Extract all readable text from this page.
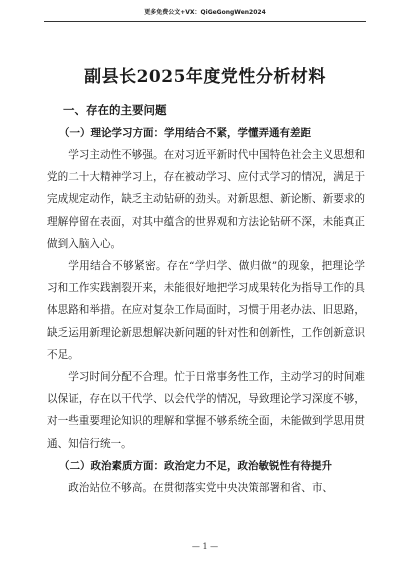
更多免费公文+VX：QiGeGongWen2024
副县长2025年度党性分析材料
一、存在的主要问题
（一）理论学习方面：学用结合不紧，学懂弄通有差距

学习主动性不够强。在对习近平新时代中国特色社会主义思想和党的二十大精神学习上，存在被动学习、应付式学习的情况，满足于完成规定动作，缺乏主动钻研的劲头。对新思想、新论断、新要求的理解停留在表面，对其中蕴含的世界观和方法论钻研不深，未能真正做到入脑入心。

学用结合不够紧密。存在“学归学、做归做”的现象，把理论学习和工作实践割裂开来，未能很好地把学习成果转化为指导工作的具体思路和举措。在应对复杂工作局面时，习惯于用老办法、旧思路，缺乏运用新理论新思想解决新问题的针对性和创新性，工作创新意识不足。

学习时间分配不合理。忙于日常事务性工作，主动学习的时间难以保证，存在以干代学、以会代学的情况，导致理论学习深度不够，对一些重要理论知识的理解和掌握不够系统全面，未能做到学思用贯通、知信行统一。

（二）政治素质方面：政治定力不足，政治敏锐性有待提升

政治站位不够高。在贯彻落实党中央决策部署和省、市、

— 1 —
